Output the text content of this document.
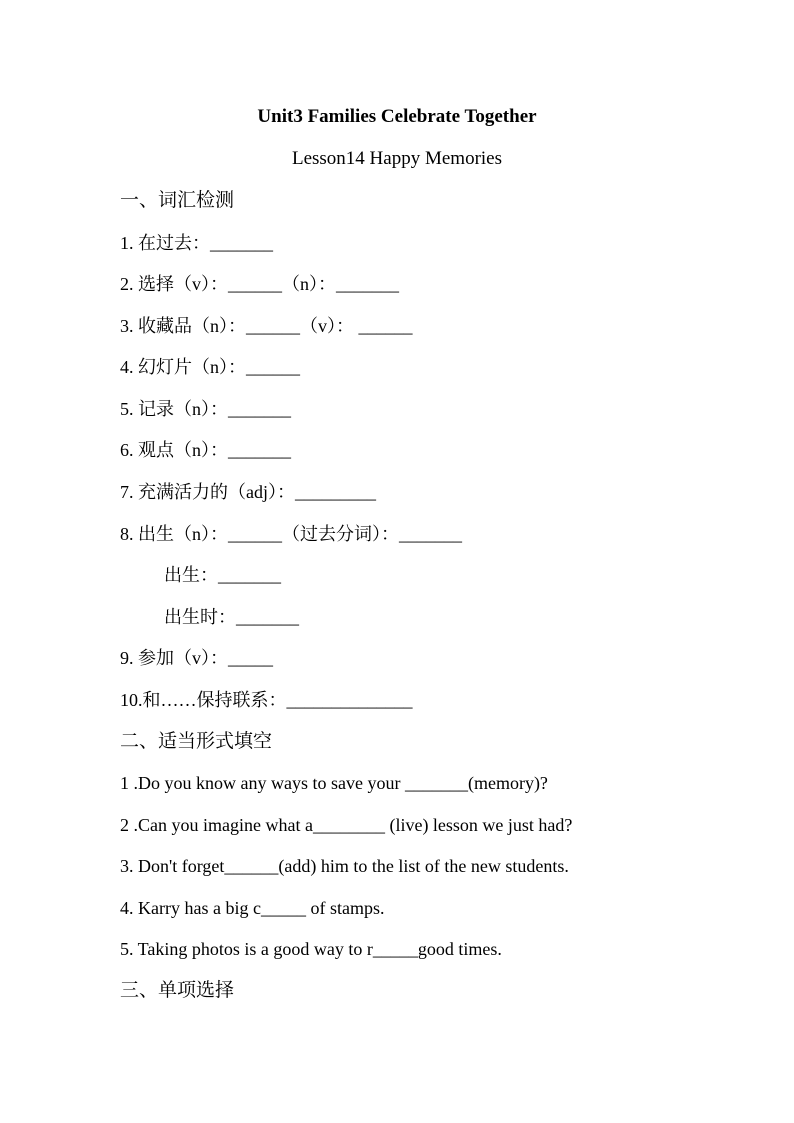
Unit3 Families Celebrate Together
Lesson14 Happy Memories
一、词汇检测
1. 在过去：_______
2. 选择（v）：______（n）：_______
3. 收藏品（n）：______（v）： ______
4. 幻灯片（n）：______
5. 记录（n）：_______
6. 观点（n）：_______
7. 充满活力的（adj）：_________
8. 出生（n）：______（过去分词）：_______
出生：_______
出生时：_______
9. 参加（v）：_____
10.和……保持联系：______________
二、适当形式填空
1 .Do you know any ways to save your _______(memory)?
2 .Can you imagine what a________ (live) lesson we just had?
3. Don't forget______(add) him to the list of the new students.
4. Karry has a big c_____ of stamps.
5. Taking photos is a good way to r_____good times.
三、单项选择
